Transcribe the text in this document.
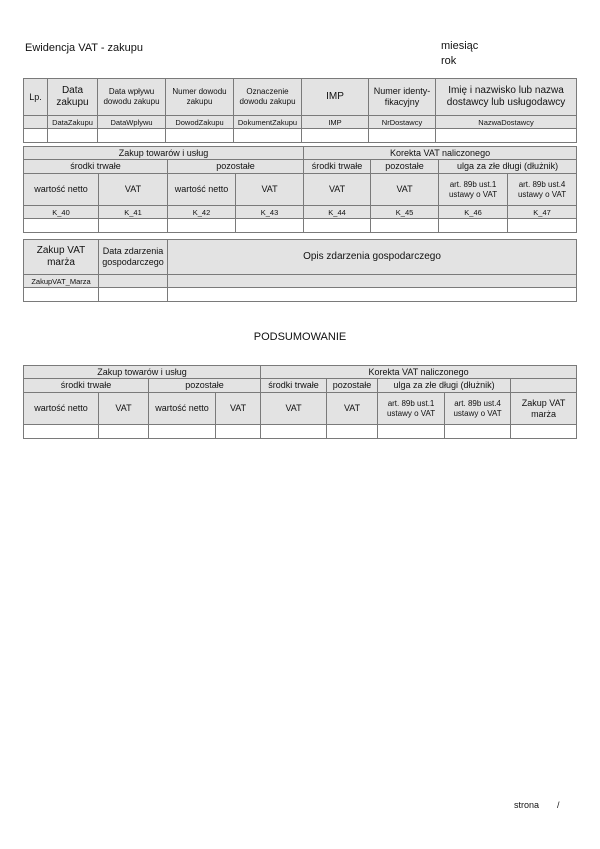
Ewidencja VAT - zakupu	miesiąc
rok
Lp.	Data zakupu	Data wpływu dowodu zakupu	Numer dowodu zakupu	Oznaczenie dowodu zakupu	IMP	Numer identy-fikacyjny	Imię i nazwisko lub nazwa dostawcy lub usługodawcy
	DataZakupu	DataWplywu	DowodZakupu	DokumentZakupu	IMP	NrDostawcy	NazwaDostawcy

Zakup towarów i usług				Korekta VAT naliczonego			
środki trwałe		pozostałe		środki trwałe	pozostałe	ulga za złe długi (dłużnik)	
wartość netto	VAT	wartość netto	VAT	VAT	VAT	art. 89b ust.1 ustawy o VAT	art. 89b ust.4 ustawy o VAT
K_40	K_41	K_42	K_43	K_44	K_45	K_46	K_47

Zakup VAT marża	Data zdarzenia gospodarczego	Opis zdarzenia gospodarczego
ZakupVAT_Marza		

PODSUMOWANIE
Zakup towarów i usług				Korekta VAT naliczonego				
środki trwałe		pozostałe		środki trwałe	pozostałe	ulga za złe długi (dłużnik)		
wartość netto	VAT	wartość netto	VAT	VAT	VAT	art. 89b ust.1 ustawy o VAT	art. 89b ust.4 ustawy o VAT	Zakup VAT marża

strona /
